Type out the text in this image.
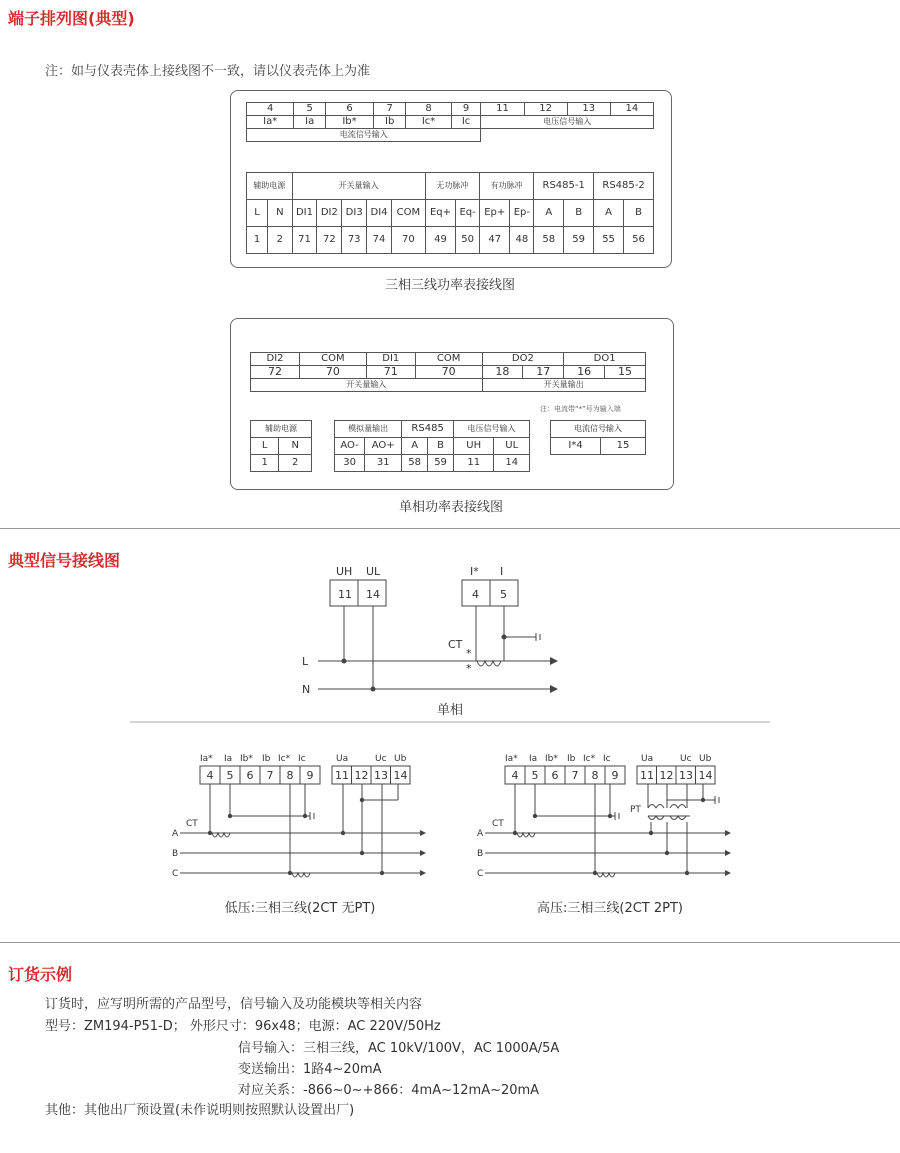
端子排列图(典型)
注：如与仪表壳体上接线图不一致，请以仪表壳体上为准
4	5	6	7	8	9	11	12	13	14
Ia*	Ia	Ib*	Ib	Ic*	Ic	电压信号输入			
电流信号输入									
辅助电源		开关量输入					无功脉冲		有功脉冲		RS485-1		RS485-2	
L	N	DI1	DI2	DI3	DI4	COM	Eq+	Eq-	Ep+	Ep-	A	B	A	B
1	2	71	72	73	74	70	49	50	47	48	58	59	55	56
三相三线功率表接线图
DI2	COM	DI1	COM	DO2		DO1	
72	70	71	70	18	17	16	15
开关量输入				开关量输出			
注：电流带“*”号为输入端
辅助电源	
L	N
1	2
模拟量输出		RS485		电压信号输入	
AO-	AO+	A	B	UH	UL
30	31	58	59	11	14
电流信号输入
I*4	15
单相功率表接线图
典型信号接线图
UH UL	I* I
11 14	4 5
CT
L
N
*
*
单相
Ia* Ia Ib* Ib Ic* Ic	Ua	Uc Ub
CT
A
B
C
4 5 6 7 8 9 11 12 13 14
低压:三相三线(2CT 无PT)
Ia* Ia Ib* Ib Ic* Ic	Ua	Uc Ub
CT
PT
A
B
C
4 5 6 7 8 9 11 12 13 14
高压:三相三线(2CT 2PT)
订货示例
订货时，应写明所需的产品型号，信号输入及功能模块等相关内容
型号：ZM194-P51-D； 外形尺寸：96x48；电源：AC 220V/50Hz
信号输入：三相三线，AC 10kV/100V，AC 1000A/5A
变送输出：1路4~20mA
对应关系：-866~0~+866：4mA~12mA~20mA
其他：其他出厂预设置(未作说明则按照默认设置出厂)
